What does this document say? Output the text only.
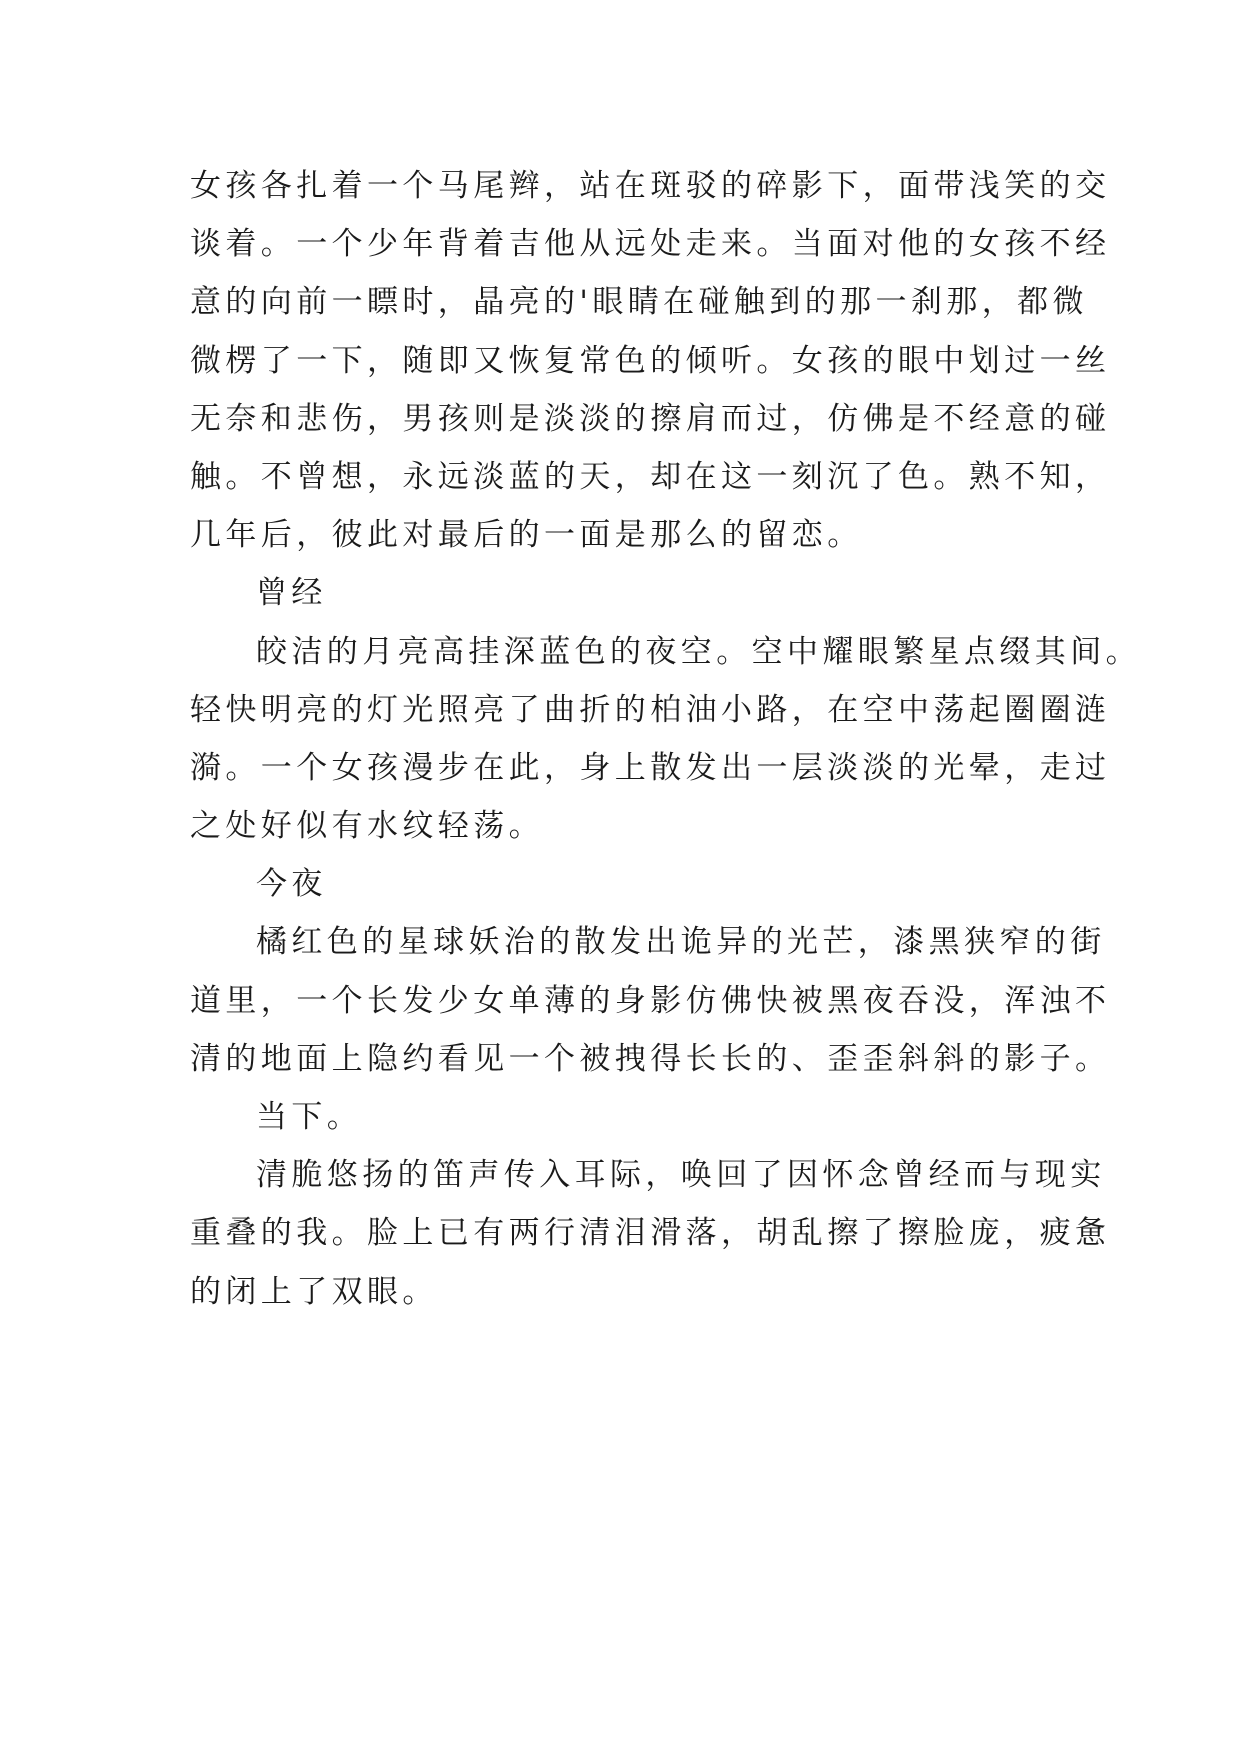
女孩各扎着一个马尾辫，站在斑驳的碎影下，面带浅笑的交
谈着。一个少年背着吉他从远处走来。当面对他的女孩不经
意的向前一瞟时，晶亮的'眼睛在碰触到的那一刹那，都微
微楞了一下，随即又恢复常色的倾听。女孩的眼中划过一丝
无奈和悲伤，男孩则是淡淡的擦肩而过，仿佛是不经意的碰
触。不曾想，永远淡蓝的天，却在这一刻沉了色。熟不知，
几年后，彼此对最后的一面是那么的留恋。
曾经
皎洁的月亮高挂深蓝色的夜空。空中耀眼繁星点缀其间。
轻快明亮的灯光照亮了曲折的柏油小路，在空中荡起圈圈涟
漪。一个女孩漫步在此，身上散发出一层淡淡的光晕，走过
之处好似有水纹轻荡。
今夜
橘红色的星球妖治的散发出诡异的光芒，漆黑狭窄的街
道里，一个长发少女单薄的身影仿佛快被黑夜吞没，浑浊不
清的地面上隐约看见一个被拽得长长的、歪歪斜斜的影子。
当下。
清脆悠扬的笛声传入耳际，唤回了因怀念曾经而与现实
重叠的我。脸上已有两行清泪滑落，胡乱擦了擦脸庞，疲惫
的闭上了双眼。
